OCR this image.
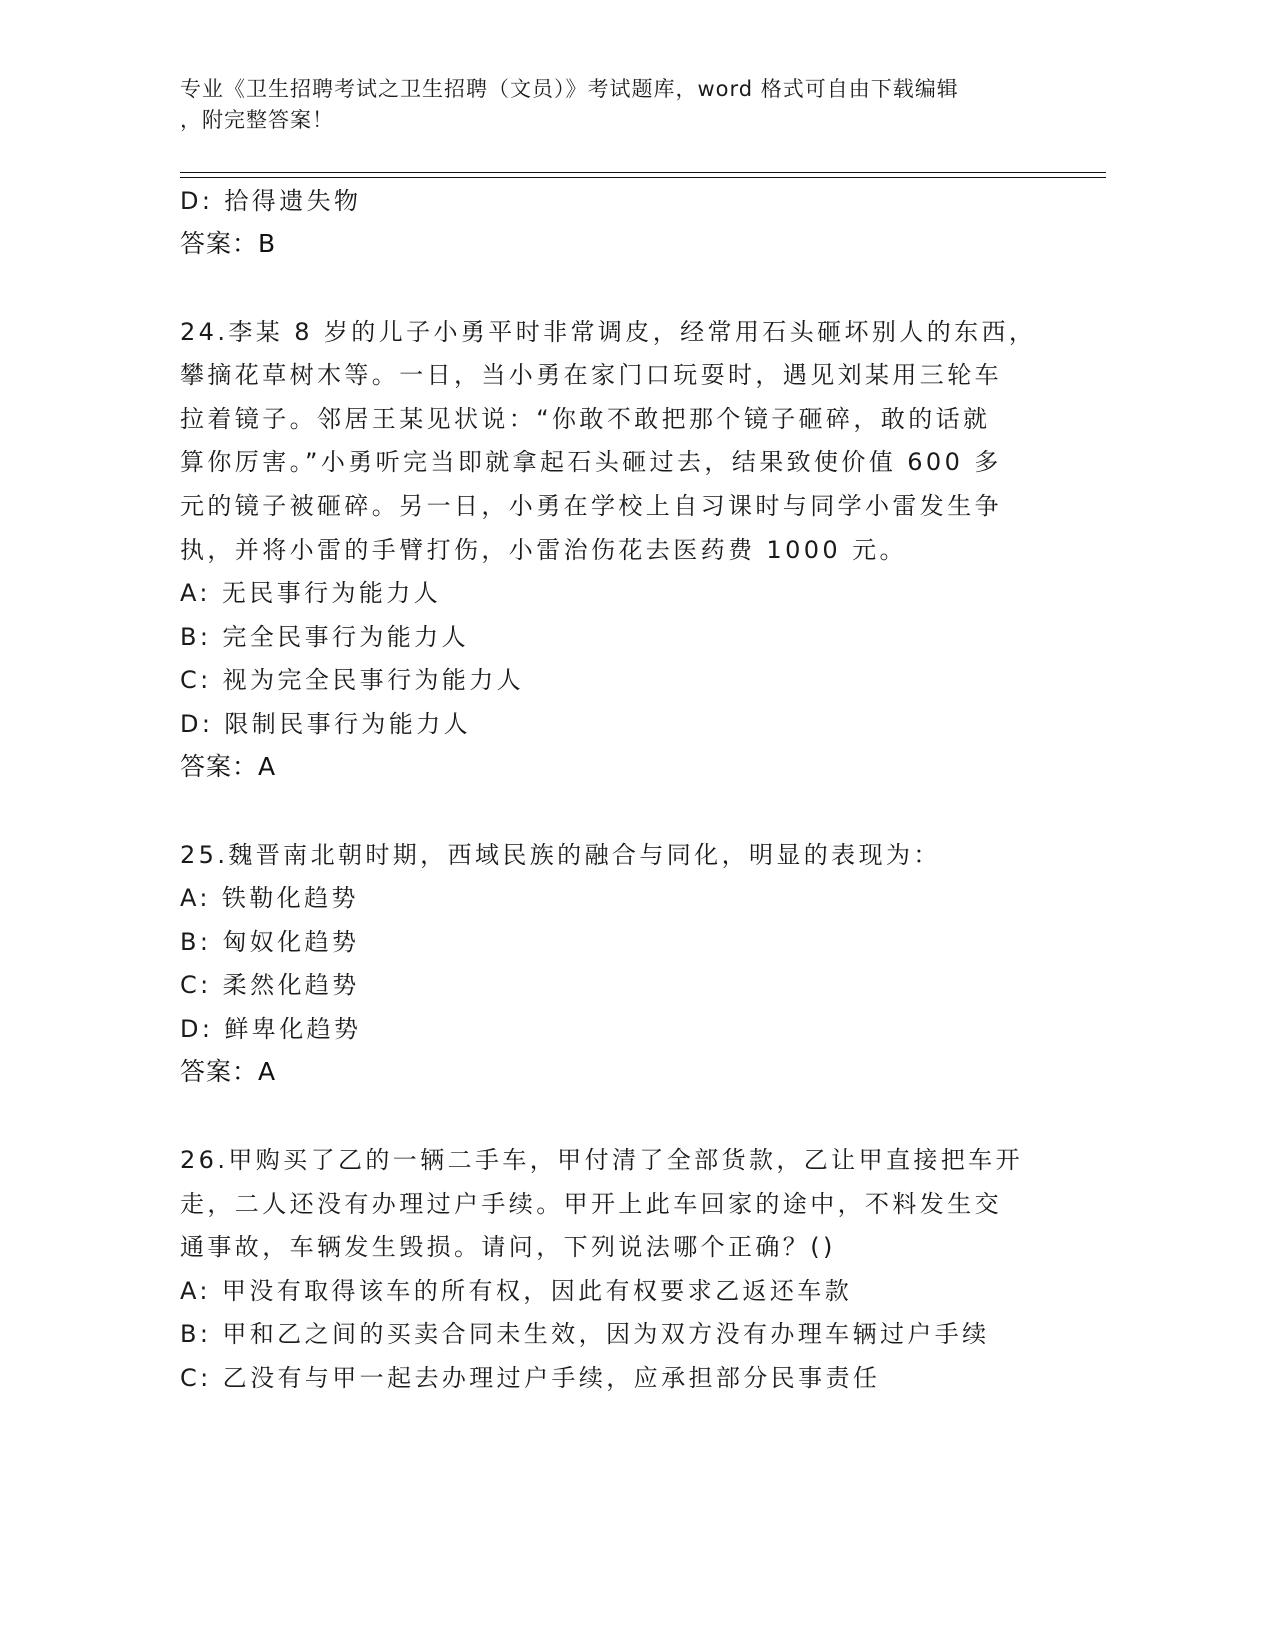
专业《卫生招聘考试之卫生招聘（文员）》考试题库，word 格式可自由下载编辑
，附完整答案！
D: 拾得遗失物
答案：B
24.李某 8 岁的儿子小勇平时非常调皮，经常用石头砸坏别人的东西，
攀摘花草树木等。一日，当小勇在家门口玩耍时，遇见刘某用三轮车
拉着镜子。邻居王某见状说：“你敢不敢把那个镜子砸碎，敢的话就
算你厉害。”小勇听完当即就拿起石头砸过去，结果致使价值 600 多
元的镜子被砸碎。另一日，小勇在学校上自习课时与同学小雷发生争
执，并将小雷的手臂打伤，小雷治伤花去医药费 1000 元。
A: 无民事行为能力人
B: 完全民事行为能力人
C: 视为完全民事行为能力人
D: 限制民事行为能力人
答案：A
25.魏晋南北朝时期，西域民族的融合与同化，明显的表现为：
A: 铁勒化趋势
B: 匈奴化趋势
C: 柔然化趋势
D: 鲜卑化趋势
答案：A
26.甲购买了乙的一辆二手车，甲付清了全部货款，乙让甲直接把车开
走，二人还没有办理过户手续。甲开上此车回家的途中，不料发生交
通事故，车辆发生毁损。请问，下列说法哪个正确？()
A: 甲没有取得该车的所有权，因此有权要求乙返还车款
B: 甲和乙之间的买卖合同未生效，因为双方没有办理车辆过户手续
C: 乙没有与甲一起去办理过户手续，应承担部分民事责任
